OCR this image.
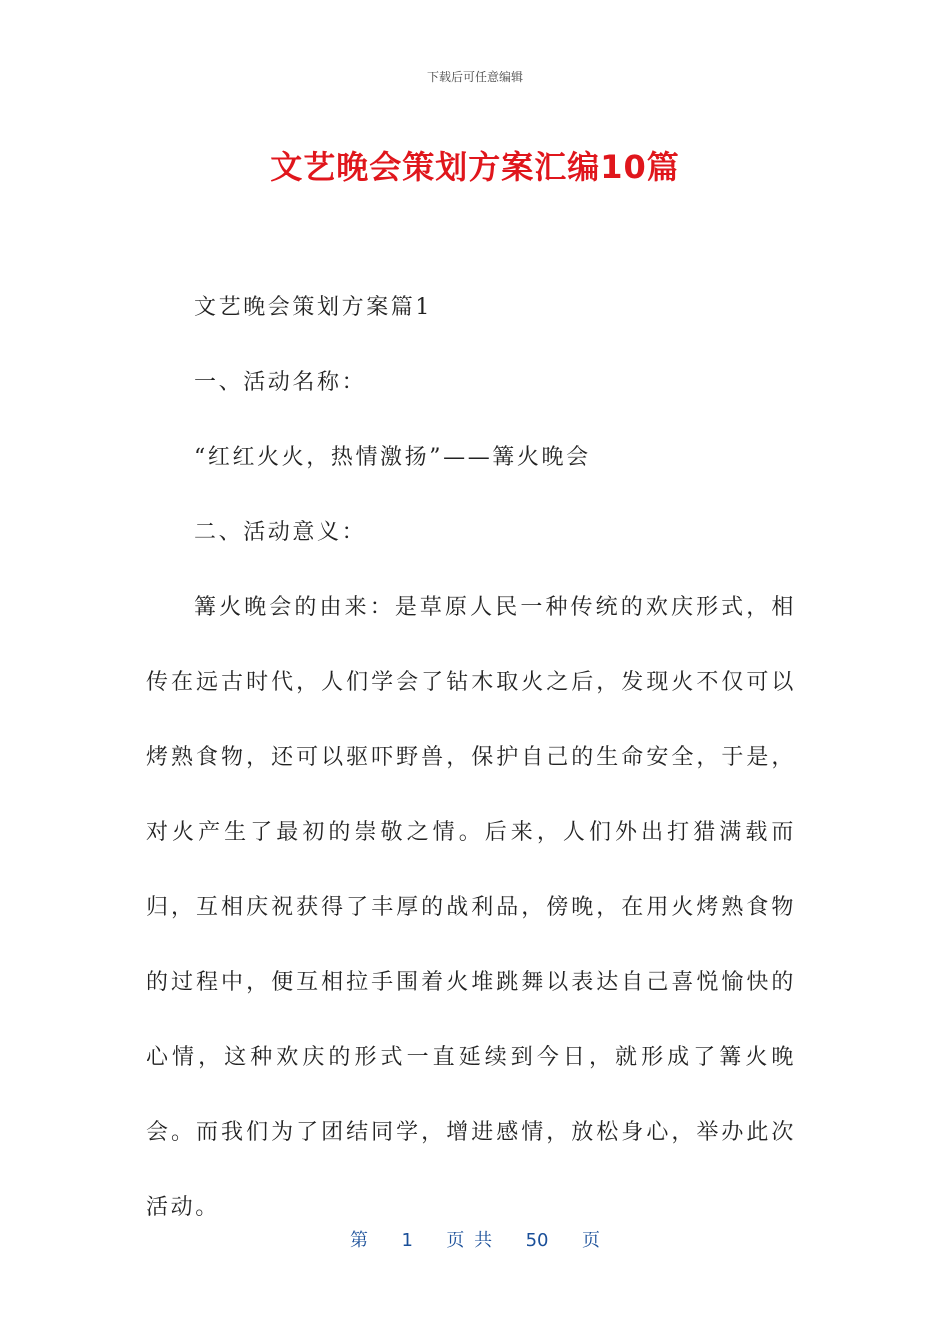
下载后可任意编辑
文艺晚会策划方案汇编10篇

文艺晚会策划方案篇1

一、活动名称：

“红红火火，热情激扬”——篝火晚会

二、活动意义：

篝火晚会的由来：是草原人民一种传统的欢庆形式，相传在远古时代，人们学会了钻木取火之后，发现火不仅可以烤熟食物，还可以驱吓野兽，保护自己的生命安全，于是，对火产生了最初的崇敬之情。后来，人们外出打猎满载而归，互相庆祝获得了丰厚的战利品，傍晚，在用火烤熟食物的过程中，便互相拉手围着火堆跳舞以表达自己喜悦愉快的心情，这种欢庆的形式一直延续到今日，就形成了篝火晚会。而我们为了团结同学，增进感情，放松身心，举办此次活动。

第 1 页 共 50 页
